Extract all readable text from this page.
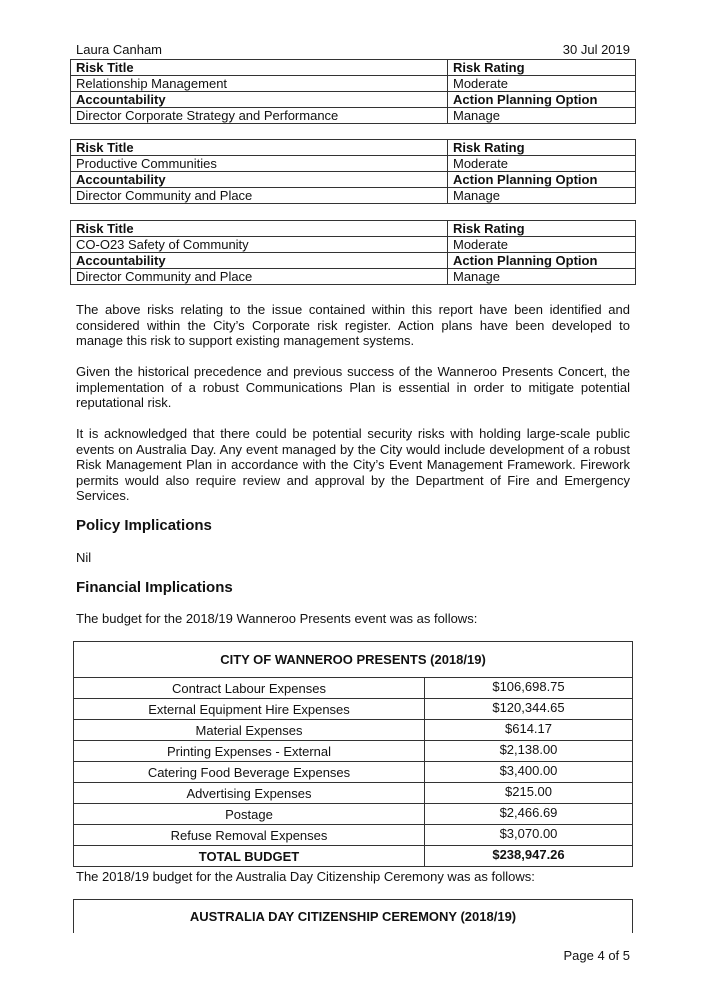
Laura Canham	30 Jul 2019
Risk Title	Risk Rating
Relationship Management	Moderate
Accountability	Action Planning Option
Director Corporate Strategy and Performance	Manage
Risk Title	Risk Rating
Productive Communities	Moderate
Accountability	Action Planning Option
Director Community and Place	Manage
Risk Title	Risk Rating
CO-O23 Safety of Community	Moderate
Accountability	Action Planning Option
Director Community and Place	Manage

The above risks relating to the issue contained within this report have been identified and considered within the City’s Corporate risk register. Action plans have been developed to manage this risk to support existing management systems.

Given the historical precedence and previous success of the Wanneroo Presents Concert, the implementation of a robust Communications Plan is essential in order to mitigate potential reputational risk.

It is acknowledged that there could be potential security risks with holding large-scale public events on Australia Day. Any event managed by the City would include development of a robust Risk Management Plan in accordance with the City’s Event Management Framework. Firework permits would also require review and approval by the Department of Fire and Emergency Services.

Policy Implications
Nil
Financial Implications
The budget for the 2018/19 Wanneroo Presents event was as follows:
CITY OF WANNEROO PRESENTS (2018/19)
Contract Labour Expenses	$106,698.75
External Equipment Hire Expenses	$120,344.65
Material Expenses	$614.17
Printing Expenses - External	$2,138.00
Catering Food Beverage Expenses	$3,400.00
Advertising Expenses	$215.00
Postage	$2,466.69
Refuse Removal Expenses	$3,070.00
TOTAL BUDGET	$238,947.26
The 2018/19 budget for the Australia Day Citizenship Ceremony was as follows:
AUSTRALIA DAY CITIZENSHIP CEREMONY (2018/19)
Page 4 of 5
